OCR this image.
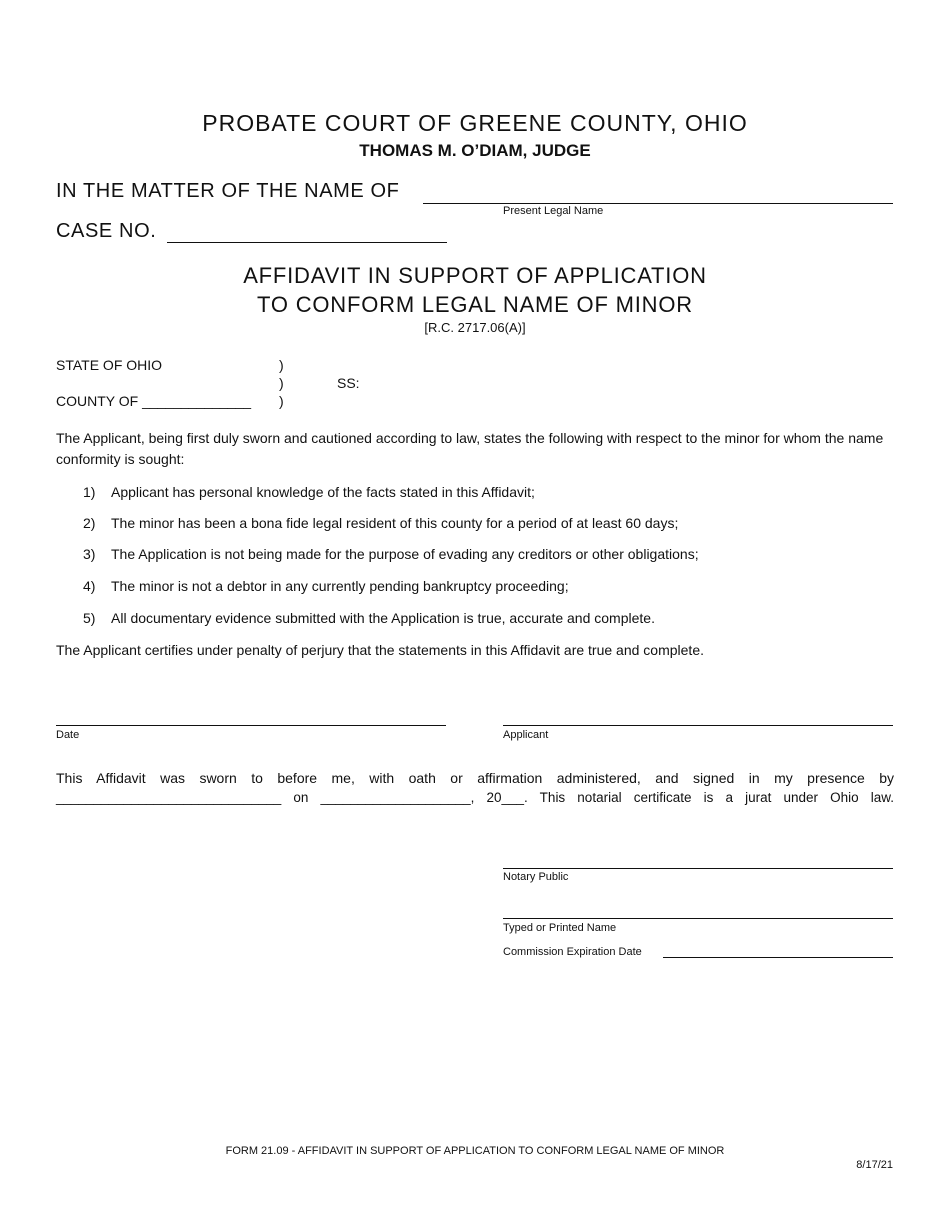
PROBATE COURT OF GREENE COUNTY, OHIO
THOMAS M. O’DIAM, JUDGE
IN THE MATTER OF THE NAME OF
Present Legal Name
CASE NO.
AFFIDAVIT IN SUPPORT OF APPLICATION
TO CONFORM LEGAL NAME OF MINOR
[R.C. 2717.06(A)]
STATE OF OHIO	)
)	SS:
COUNTY OF ______________ )
The Applicant, being first duly sworn and cautioned according to law, states the following with respect to the minor for whom the name conformity is sought:
1) Applicant has personal knowledge of the facts stated in this Affidavit;
2) The minor has been a bona fide legal resident of this county for a period of at least 60 days;
3) The Application is not being made for the purpose of evading any creditors or other obligations;
4) The minor is not a debtor in any currently pending bankruptcy proceeding;
5) All documentary evidence submitted with the Application is true, accurate and complete.
The Applicant certifies under penalty of perjury that the statements in this Affidavit are true and complete.
Date	Applicant
This Affidavit was sworn to before me, with oath or affirmation administered, and signed in my presence by
______________________________ on ____________________, 20___. This notarial certificate is a jurat under Ohio law.
Notary Public
Typed or Printed Name
Commission Expiration Date
FORM 21.09 - AFFIDAVIT IN SUPPORT OF APPLICATION TO CONFORM LEGAL NAME OF MINOR
8/17/21
